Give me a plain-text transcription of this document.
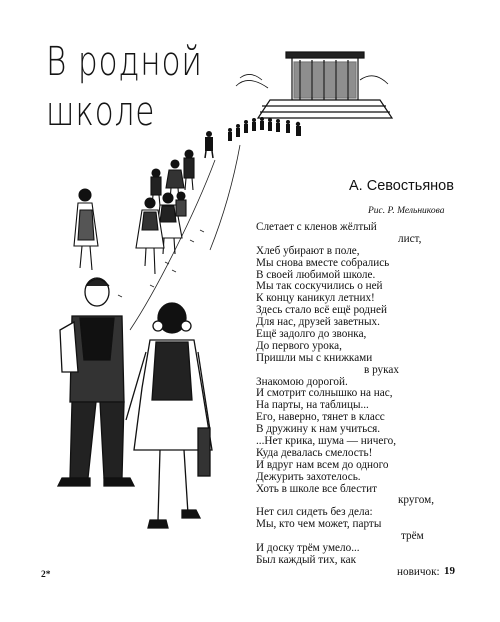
В родной
школе
А. Севостьянов
Рис. Р. Мельникова
Слетает с кленов жёлтый
лист,
Хлеб убирают в поле,
Мы снова вместе собрались
В своей любимой школе.
Мы так соскучились о ней
К концу каникул летних!
Здесь стало всё ещё родней
Для нас, друзей заветных.
Ещё задолго до звонка,
До первого урока,
Пришли мы с книжками
в руках
Знакомою дорогой.
И смотрит солнышко на нас,
На парты, на таблицы...
Его, наверно, тянет в класс
В дружину к нам учиться.
...Нет крика, шума — ничего,
Куда девалась смелость!
И вдруг нам всем до одного
Дежурить захотелось.
Хоть в школе все блестит
кругом,
Нет сил сидеть без дела:
Мы, кто чем может, парты
трём
И доску трём умело...
Был каждый тих, как
новичок:
2*	19
